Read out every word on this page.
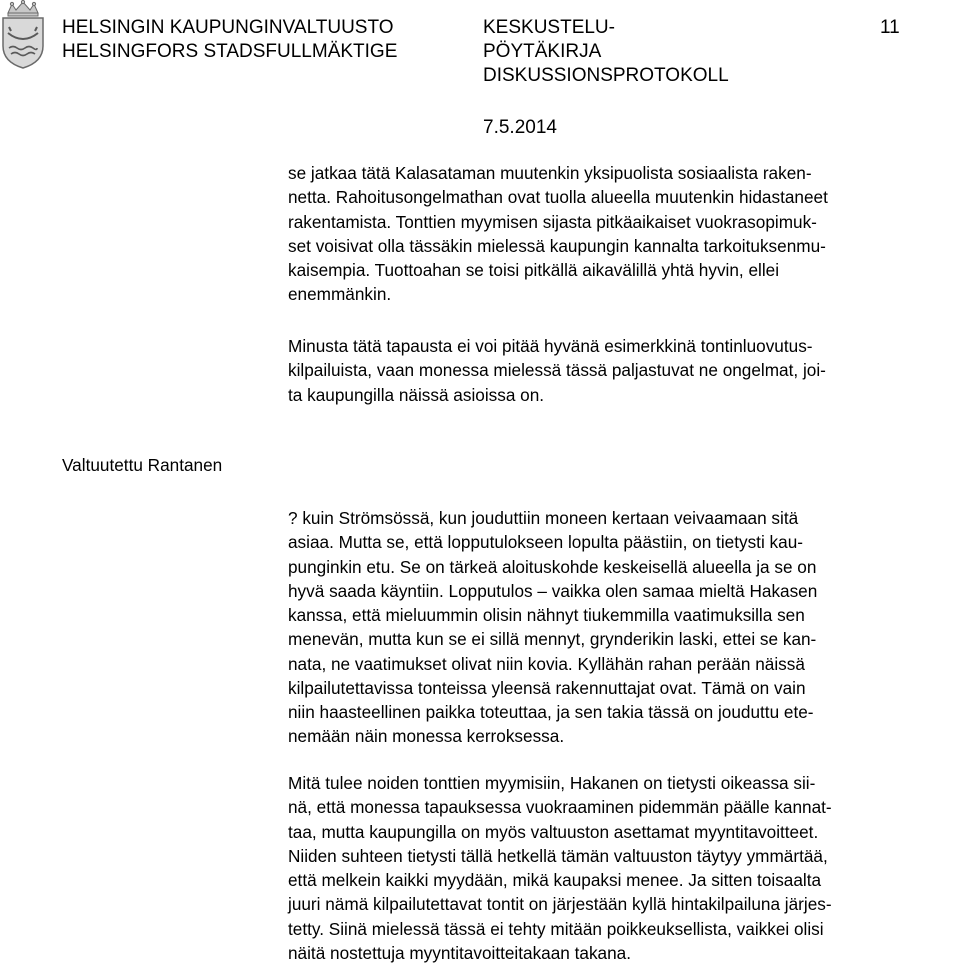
HELSINGIN KAUPUNGINVALTUUSTO
HELSINGFORS STADSFULLMÄKTIGE
KESKUSTELU-
PÖYTÄKIRJA
DISKUSSIONSPROTOKOLL
11
7.5.2014
se jatkaa tätä Kalasataman muutenkin yksipuolista sosiaalista raken-
netta. Rahoitusongelmathan ovat tuolla alueella muutenkin hidastaneet
rakentamista. Tonttien myymisen sijasta pitkäaikaiset vuokrasopimuk-
set voisivat olla tässäkin mielessä kaupungin kannalta tarkoituksenmu-
kaisempia. Tuottoahan se toisi pitkällä aikavälillä yhtä hyvin, ellei
enemmänkin.
Minusta tätä tapausta ei voi pitää hyvänä esimerkkinä tontinluovutus-
kilpailuista, vaan monessa mielessä tässä paljastuvat ne ongelmat, joi-
ta kaupungilla näissä asioissa on.
Valtuutettu Rantanen
? kuin Strömsössä, kun jouduttiin moneen kertaan veivaamaan sitä
asiaa. Mutta se, että lopputulokseen lopulta päästiin, on tietysti kau-
punginkin etu. Se on tärkeä aloituskohde keskeisellä alueella ja se on
hyvä saada käyntiin. Lopputulos – vaikka olen samaa mieltä Hakasen
kanssa, että mieluummin olisin nähnyt tiukemmilla vaatimuksilla sen
menevän, mutta kun se ei sillä mennyt, grynderikin laski, ettei se kan-
nata, ne vaatimukset olivat niin kovia. Kyllähän rahan perään näissä
kilpailutettavissa tonteissa yleensä rakennuttajat ovat. Tämä on vain
niin haasteellinen paikka toteuttaa, ja sen takia tässä on jouduttu ete-
nemään näin monessa kerroksessa.
Mitä tulee noiden tonttien myymisiin, Hakanen on tietysti oikeassa sii-
nä, että monessa tapauksessa vuokraaminen pidemmän päälle kannat-
taa, mutta kaupungilla on myös valtuuston asettamat myyntitavoitteet.
Niiden suhteen tietysti tällä hetkellä tämän valtuuston täytyy ymmärtää,
että melkein kaikki myydään, mikä kaupaksi menee. Ja sitten toisaalta
juuri nämä kilpailutettavat tontit on järjestään kyllä hintakilpailuna järjes-
tetty. Siinä mielessä tässä ei tehty mitään poikkeuksellista, vaikkei olisi
näitä nostettuja myyntitavoitteitakaan takana.
